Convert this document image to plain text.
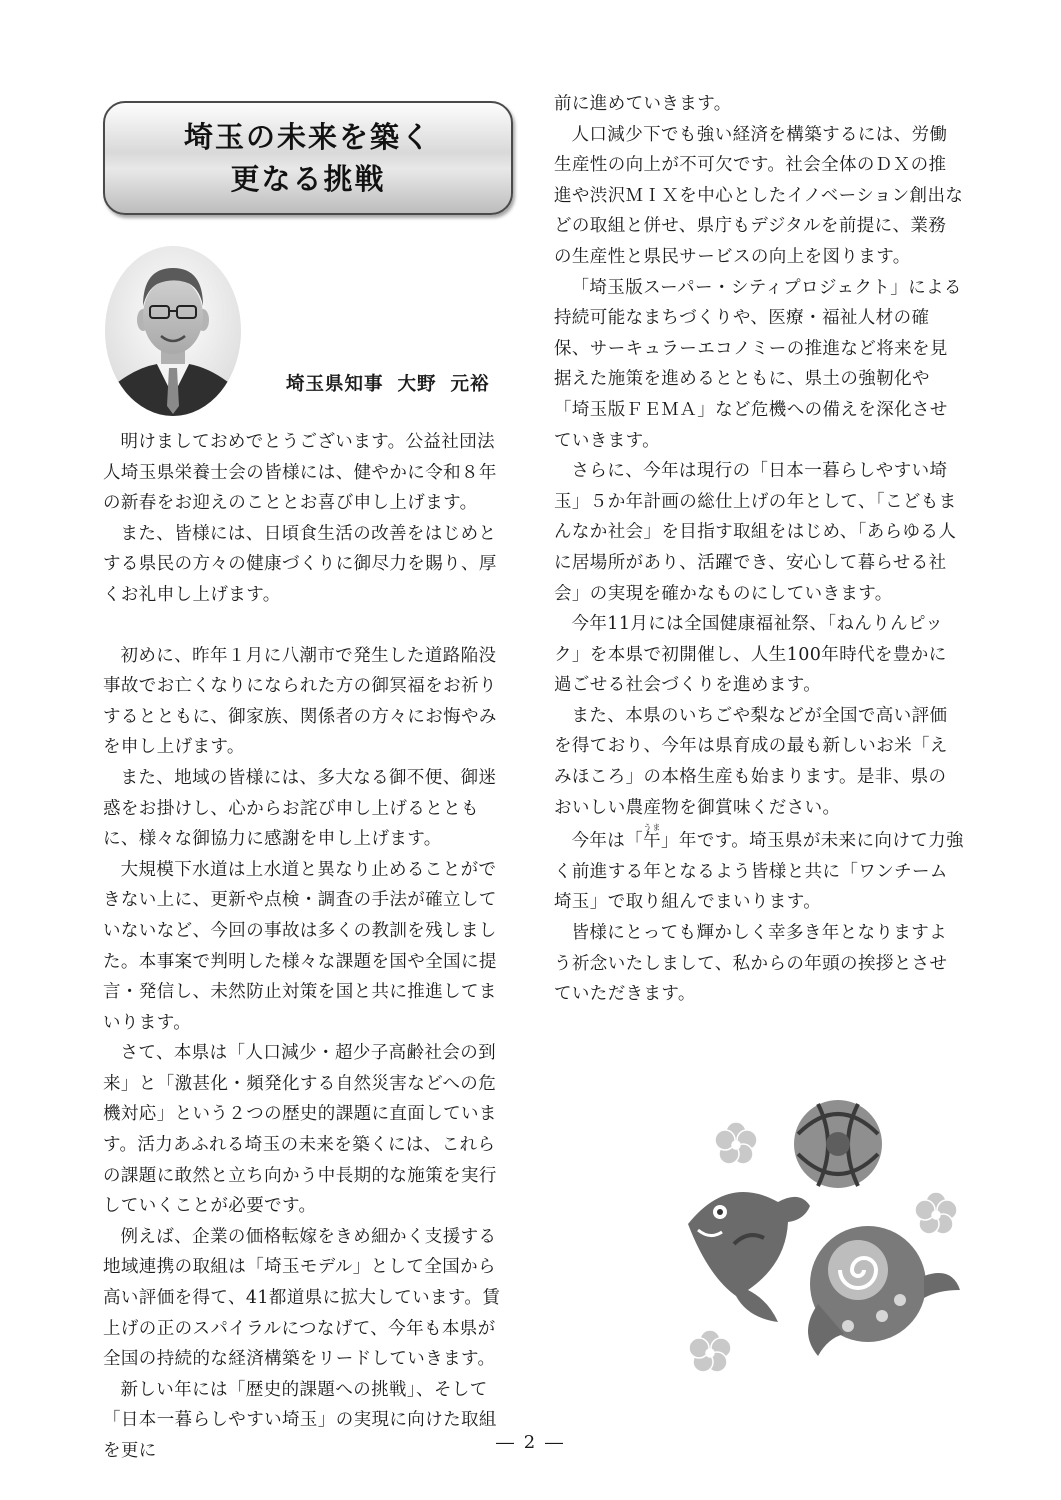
埼玉の未来を築く
更なる挑戦
埼玉県知事 大野 元裕

明けましておめでとうございます。公益社団法人埼玉県栄養士会の皆様には、健やかに令和８年の新春をお迎えのこととお喜び申し上げます。

また、皆様には、日頃食生活の改善をはじめとする県民の方々の健康づくりに御尽力を賜り、厚くお礼申し上げます。

初めに、昨年１月に八潮市で発生した道路陥没事故でお亡くなりになられた方の御冥福をお祈りするとともに、御家族、関係者の方々にお悔やみを申し上げます。

また、地域の皆様には、多大なる御不便、御迷惑をお掛けし、心からお詫び申し上げるとともに、様々な御協力に感謝を申し上げます。

大規模下水道は上水道と異なり止めることができない上に、更新や点検・調査の手法が確立していないなど、今回の事故は多くの教訓を残しました。本事案で判明した様々な課題を国や全国に提言・発信し、未然防止対策を国と共に推進してまいります。

さて、本県は「人口減少・超少子高齢社会の到来」と「激甚化・頻発化する自然災害などへの危機対応」という２つの歴史的課題に直面しています。活力あふれる埼玉の未来を築くには、これらの課題に敢然と立ち向かう中長期的な施策を実行していくことが必要です。

例えば、企業の価格転嫁をきめ細かく支援する地域連携の取組は「埼玉モデル」として全国から高い評価を得て、41都道県に拡大しています。賃上げの正のスパイラルにつなげて、今年も本県が全国の持続的な経済構築をリードしていきます。

新しい年には「歴史的課題への挑戦」、そして「日本一暮らしやすい埼玉」の実現に向けた取組を更に

前に進めていきます。

人口減少下でも強い経済を構築するには、労働生産性の向上が不可欠です。社会全体のＤＸの推進や渋沢ＭＩＸを中心としたイノベーション創出などの取組と併せ、県庁もデジタルを前提に、業務の生産性と県民サービスの向上を図ります。

「埼玉版スーパー・シティプロジェクト」による持続可能なまちづくりや、医療・福祉人材の確保、サーキュラーエコノミーの推進など将来を見据えた施策を進めるとともに、県土の強靭化や「埼玉版ＦＥＭＡ」など危機への備えを深化させていきます。

さらに、今年は現行の「日本一暮らしやすい埼玉」５か年計画の総仕上げの年として、「こどもまんなか社会」を目指す取組をはじめ、「あらゆる人に居場所があり、活躍でき、安心して暮らせる社会」の実現を確かなものにしていきます。

今年11月には全国健康福祉祭、「ねんりんピック」を本県で初開催し、人生100年時代を豊かに過ごせる社会づくりを進めます。

また、本県のいちごや梨などが全国で高い評価を得ており、今年は県育成の最も新しいお米「えみほころ」の本格生産も始まります。是非、県のおいしい農産物を御賞味ください。

今年は「午うま」年です。埼玉県が未来に向けて力強く前進する年となるよう皆様と共に「ワンチーム埼玉」で取り組んでまいります。

皆様にとっても輝かしく幸多き年となりますよう祈念いたしまして、私からの年頭の挨拶とさせていただきます。

― 2 ―
